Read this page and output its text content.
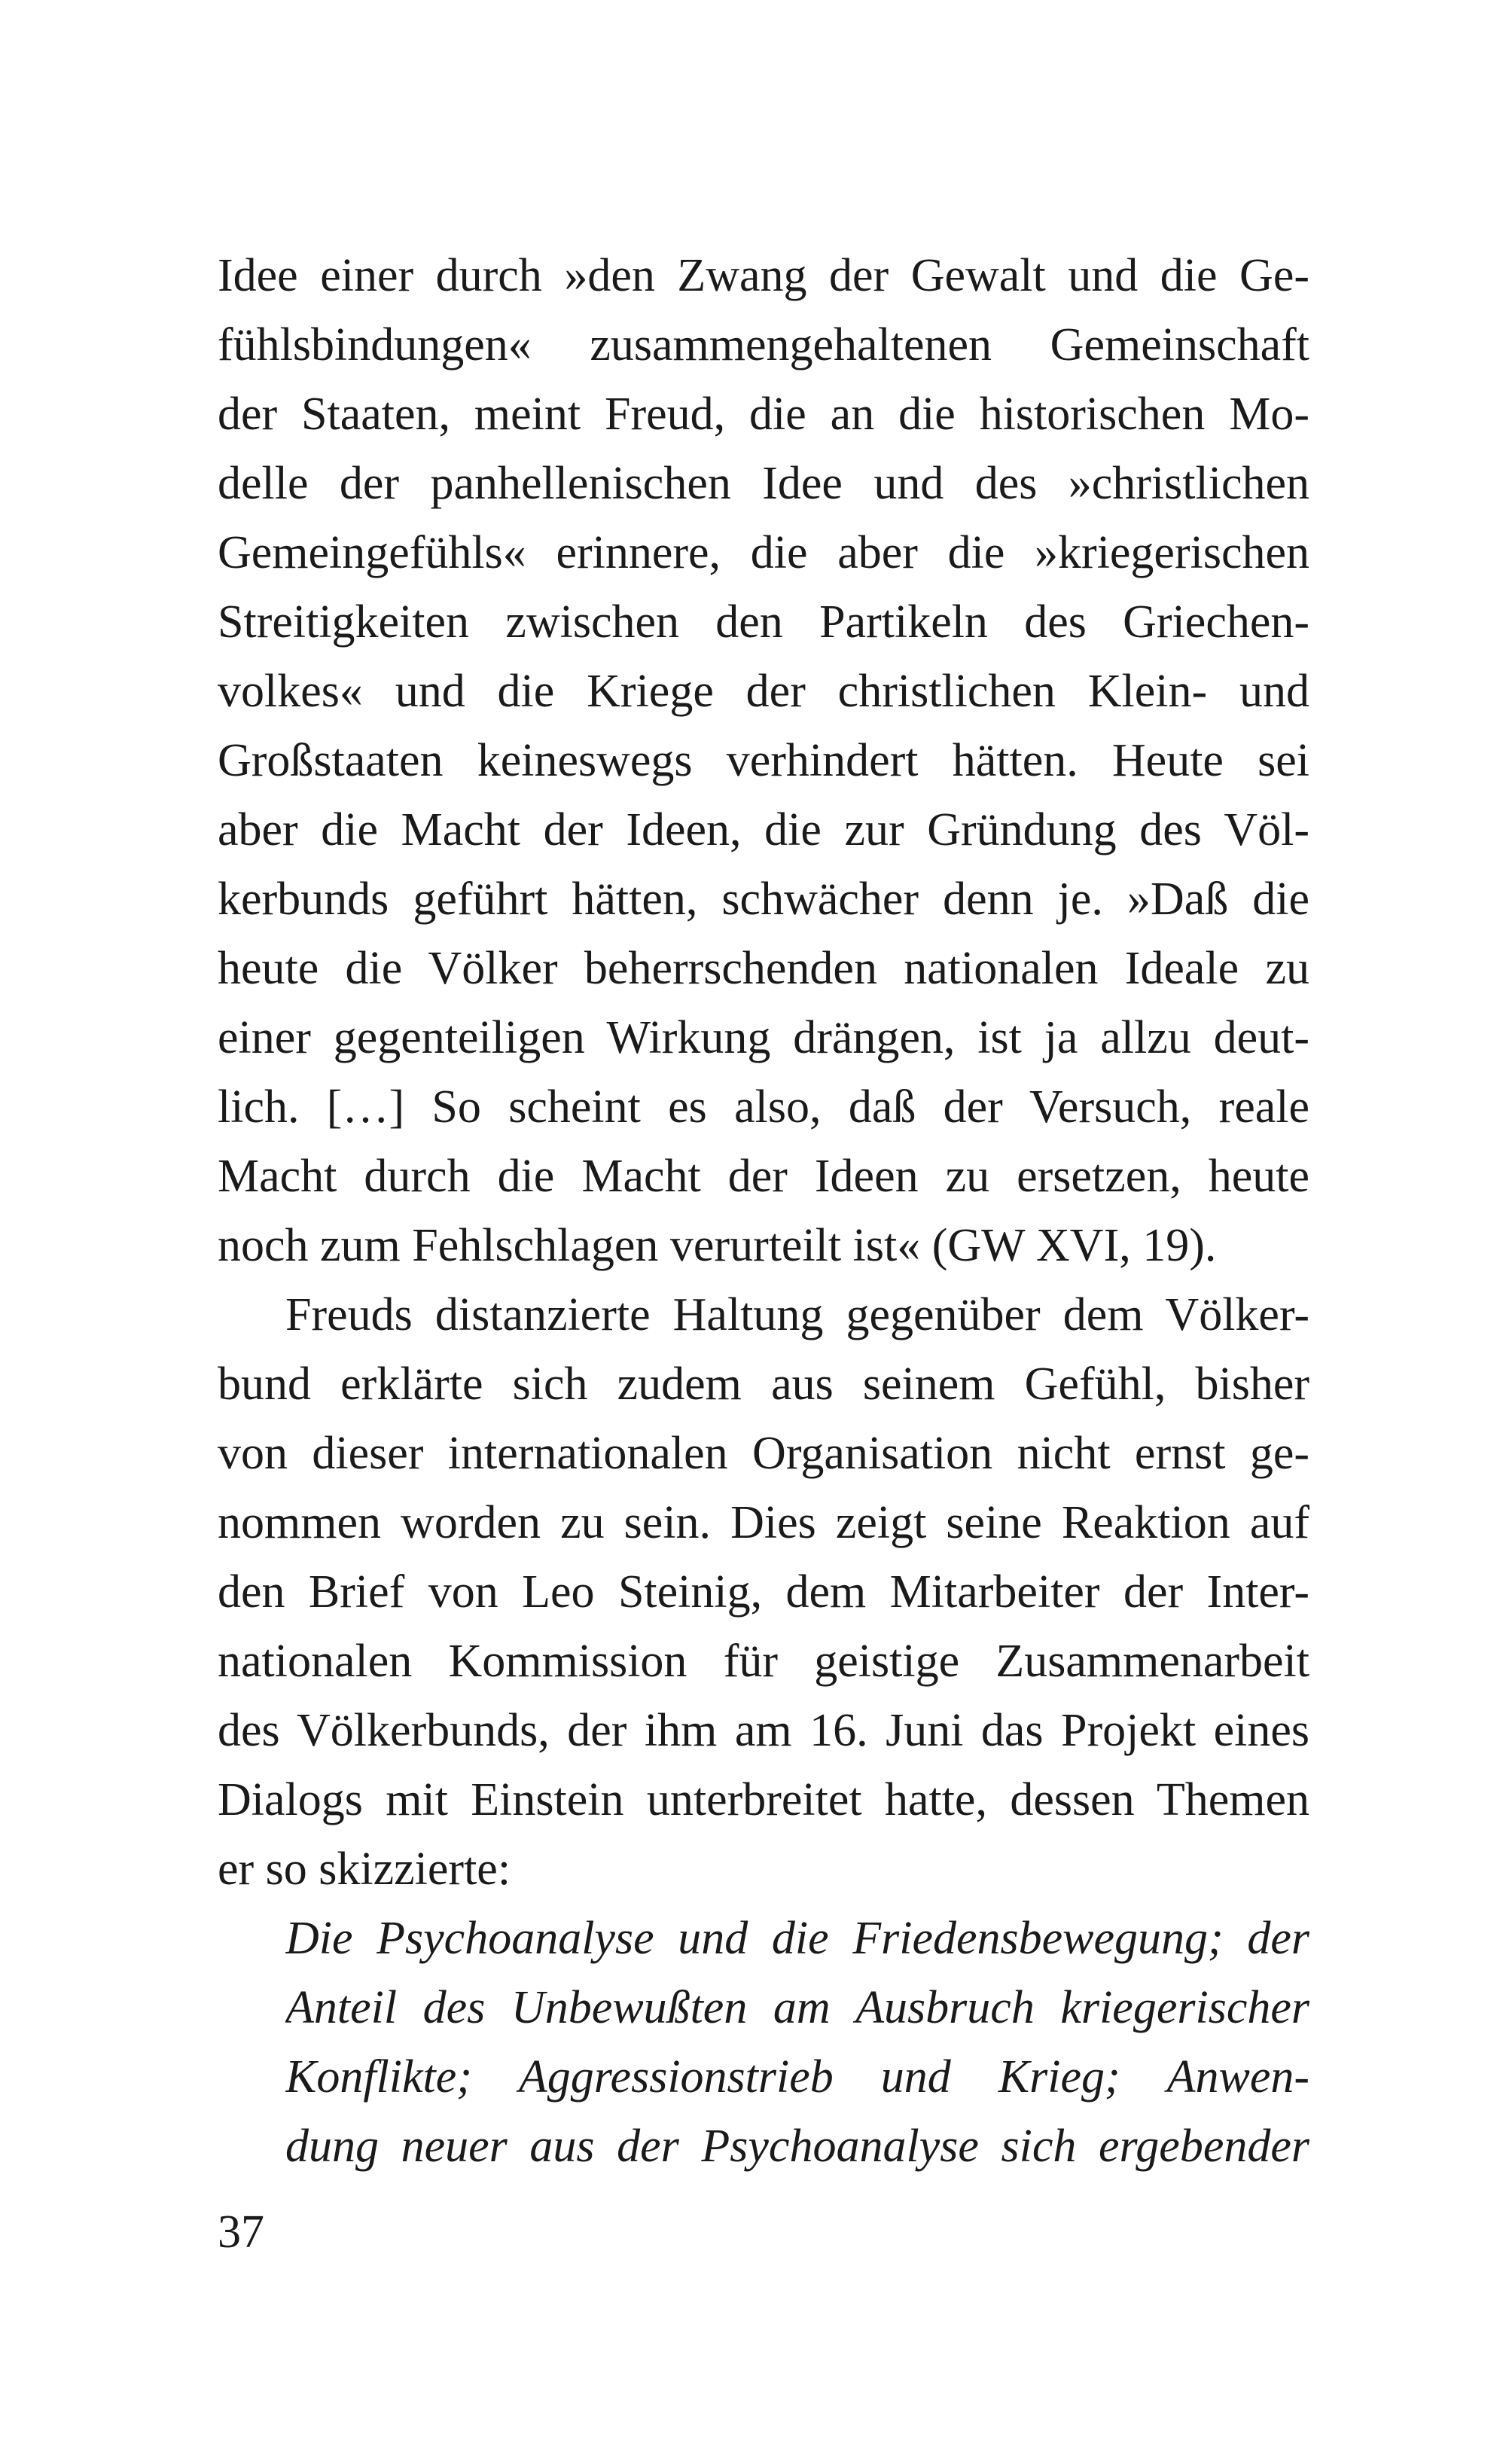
Idee einer durch »den Zwang der Gewalt und die Ge-
fühlsbindungen« zusammengehaltenen Gemeinschaft
der Staaten, meint Freud, die an die historischen Mo-
delle der panhellenischen Idee und des »christlichen
Gemeingefühls« erinnere, die aber die »kriegerischen
Streitigkeiten zwischen den Partikeln des Griechen-
volkes« und die Kriege der christlichen Klein- und
Großstaaten keineswegs verhindert hätten. Heute sei
aber die Macht der Ideen, die zur Gründung des Völ-
kerbunds geführt hätten, schwächer denn je. »Daß die
heute die Völker beherrschenden nationalen Ideale zu
einer gegenteiligen Wirkung drängen, ist ja allzu deut-
lich. […] So scheint es also, daß der Versuch, reale
Macht durch die Macht der Ideen zu ersetzen, heute
noch zum Fehlschlagen verurteilt ist« (GW XVI, 19).
Freuds distanzierte Haltung gegenüber dem Völker-
bund erklärte sich zudem aus seinem Gefühl, bisher
von dieser internationalen Organisation nicht ernst ge-
nommen worden zu sein. Dies zeigt seine Reaktion auf
den Brief von Leo Steinig, dem Mitarbeiter der Inter-
nationalen Kommission für geistige Zusammenarbeit
des Völkerbunds, der ihm am 16. Juni das Projekt eines
Dialogs mit Einstein unterbreitet hatte, dessen Themen
er so skizzierte:
Die Psychoanalyse und die Friedensbewegung; der
Anteil des Unbewußten am Ausbruch kriegerischer
Konflikte; Aggressionstrieb und Krieg; Anwen-
dung neuer aus der Psychoanalyse sich ergebender
37
